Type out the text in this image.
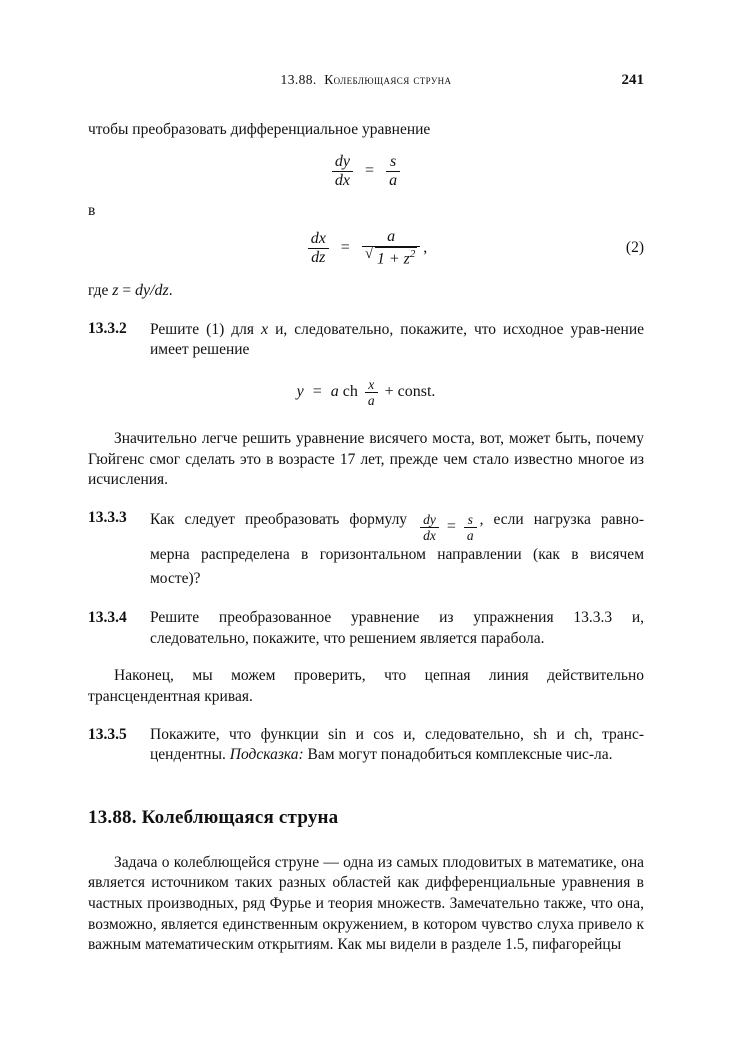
13.88. Колеблющаяся струна	241

чтобы преобразовать дифференциальное уравнение

$\frac{dy}{dx} = \frac{s}{a}$

в

$\frac{dx}{dz} = a$
√ $1 + z^2$ ,	(2)

где z = dy/dz.

13.3.2	Решите (1) для x и, следовательно, покажите, что исходное урав‑нение имеет решение
y = a ch $\frac{x}{a}$ + const.

Значительно легче решить уравнение висячего моста, вот, может быть, почему Гюйгенс смог сделать это в возрасте 17 лет, прежде чем стало известно многое из исчисления.

13.3.3	Как следует преобразовать формулу $\frac{dy}{dx} = \frac{s}{a}$ , если нагрузка равно- мерна распределена в горизонтальном направлении (как в висячем мосте)?
13.3.4	Решите преобразованное уравнение из упражнения 13.3.3 и, следовательно, покажите, что решением является парабола.

Наконец, мы можем проверить, что цепная линия действительно трансцендентная кривая.

13.3.5	Покажите, что функции sin и cos и, следовательно, sh и ch, транс-цендентны. Подсказка: Вам могут понадобиться комплексные чис-ла.
13.88. Колеблющаяся струна

Задача о колеблющейся струне — одна из самых плодовитых в математике, она является источником таких разных областей как дифференциальные уравнения в частных производных, ряд Фурье и теория множеств. Замечательно также, что она, возможно, является единственным окружением, в котором чувство слуха привело к важным математическим открытиям. Как мы видели в разделе 1.5, пифагорейцы
